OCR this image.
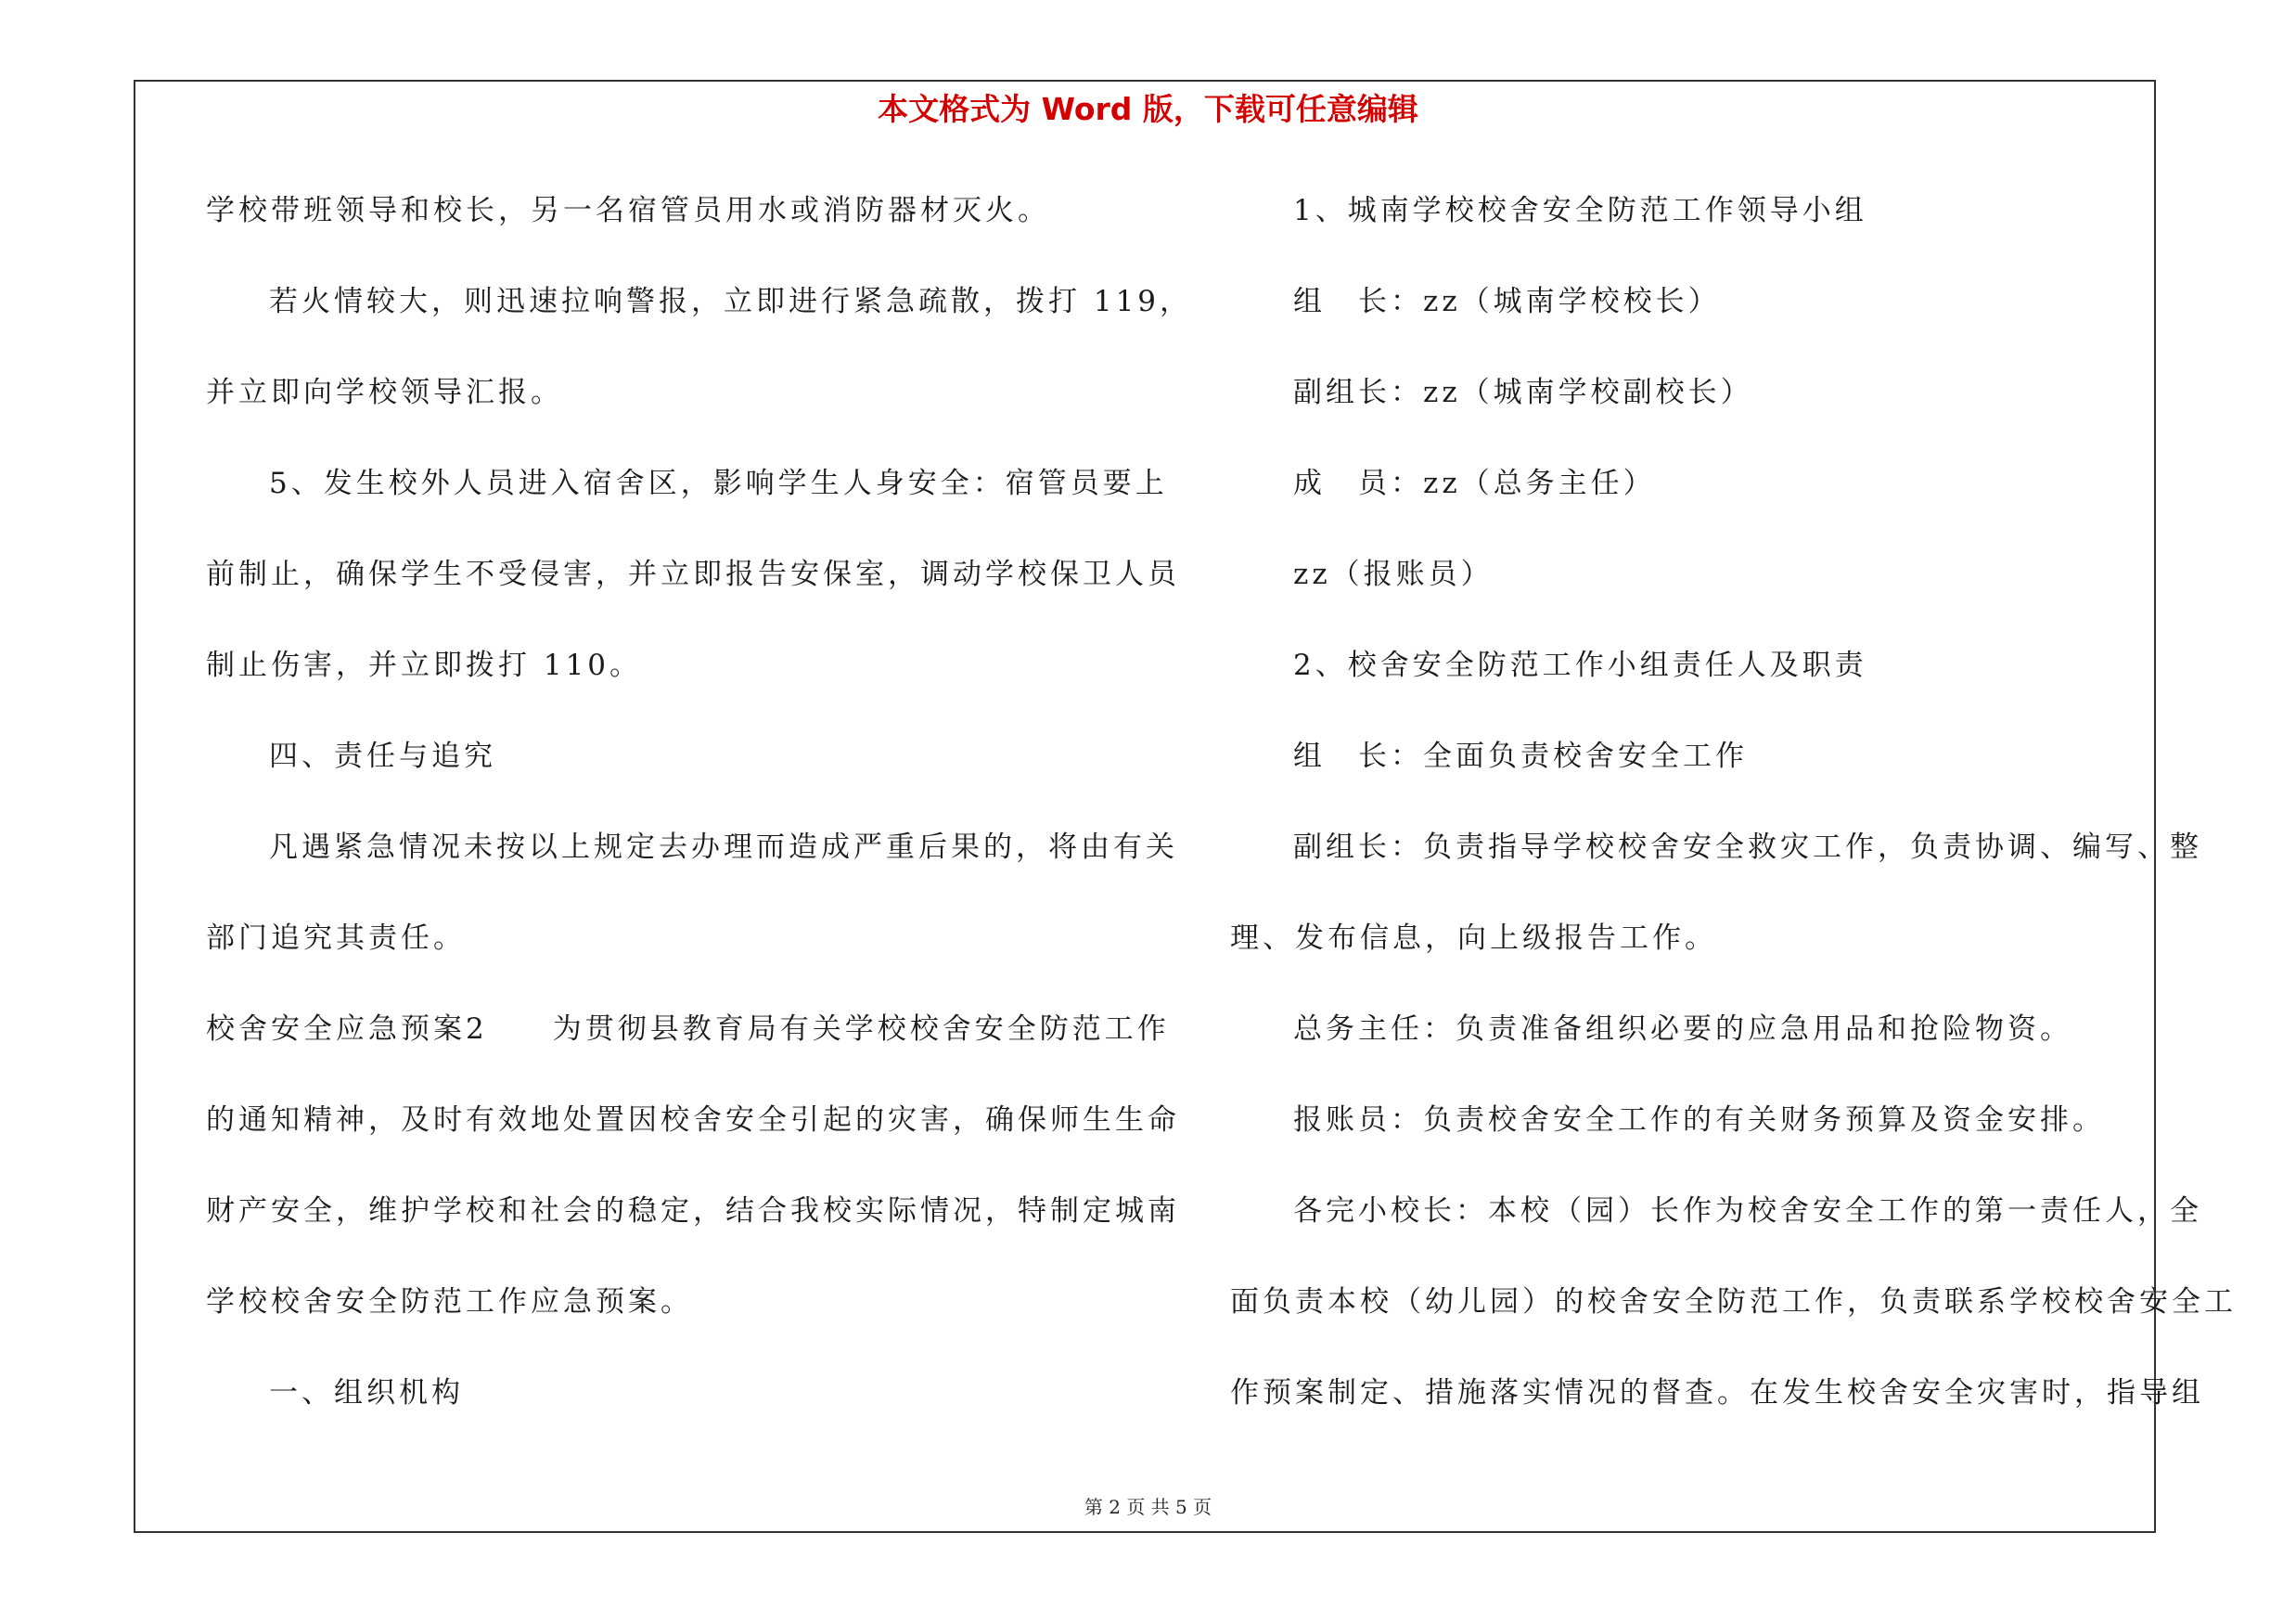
本文格式为 Word 版，下载可任意编辑
学校带班领导和校长，另一名宿管员用水或消防器材灭火。
若火情较大，则迅速拉响警报，立即进行紧急疏散，拨打 119，
并立即向学校领导汇报。
5、发生校外人员进入宿舍区，影响学生人身安全：宿管员要上
前制止，确保学生不受侵害，并立即报告安保室，调动学校保卫人员
制止伤害，并立即拨打 110。
四、责任与追究
凡遇紧急情况未按以上规定去办理而造成严重后果的，将由有关
部门追究其责任。
校舍安全应急预案2　　为贯彻县教育局有关学校校舍安全防范工作
的通知精神，及时有效地处置因校舍安全引起的灾害，确保师生生命
财产安全，维护学校和社会的稳定，结合我校实际情况，特制定城南
学校校舍安全防范工作应急预案。
一、组织机构
1、城南学校校舍安全防范工作领导小组
组　长：zz（城南学校校长）
副组长：zz（城南学校副校长）
成　员：zz（总务主任）
zz（报账员）
2、校舍安全防范工作小组责任人及职责
组　长：全面负责校舍安全工作
副组长：负责指导学校校舍安全救灾工作，负责协调、编写、整
理、发布信息，向上级报告工作。
总务主任：负责准备组织必要的应急用品和抢险物资。
报账员：负责校舍安全工作的有关财务预算及资金安排。
各完小校长：本校（园）长作为校舍安全工作的第一责任人，全
面负责本校（幼儿园）的校舍安全防范工作，负责联系学校校舍安全工
作预案制定、措施落实情况的督查。在发生校舍安全灾害时，指导组
第 2 页 共 5 页
